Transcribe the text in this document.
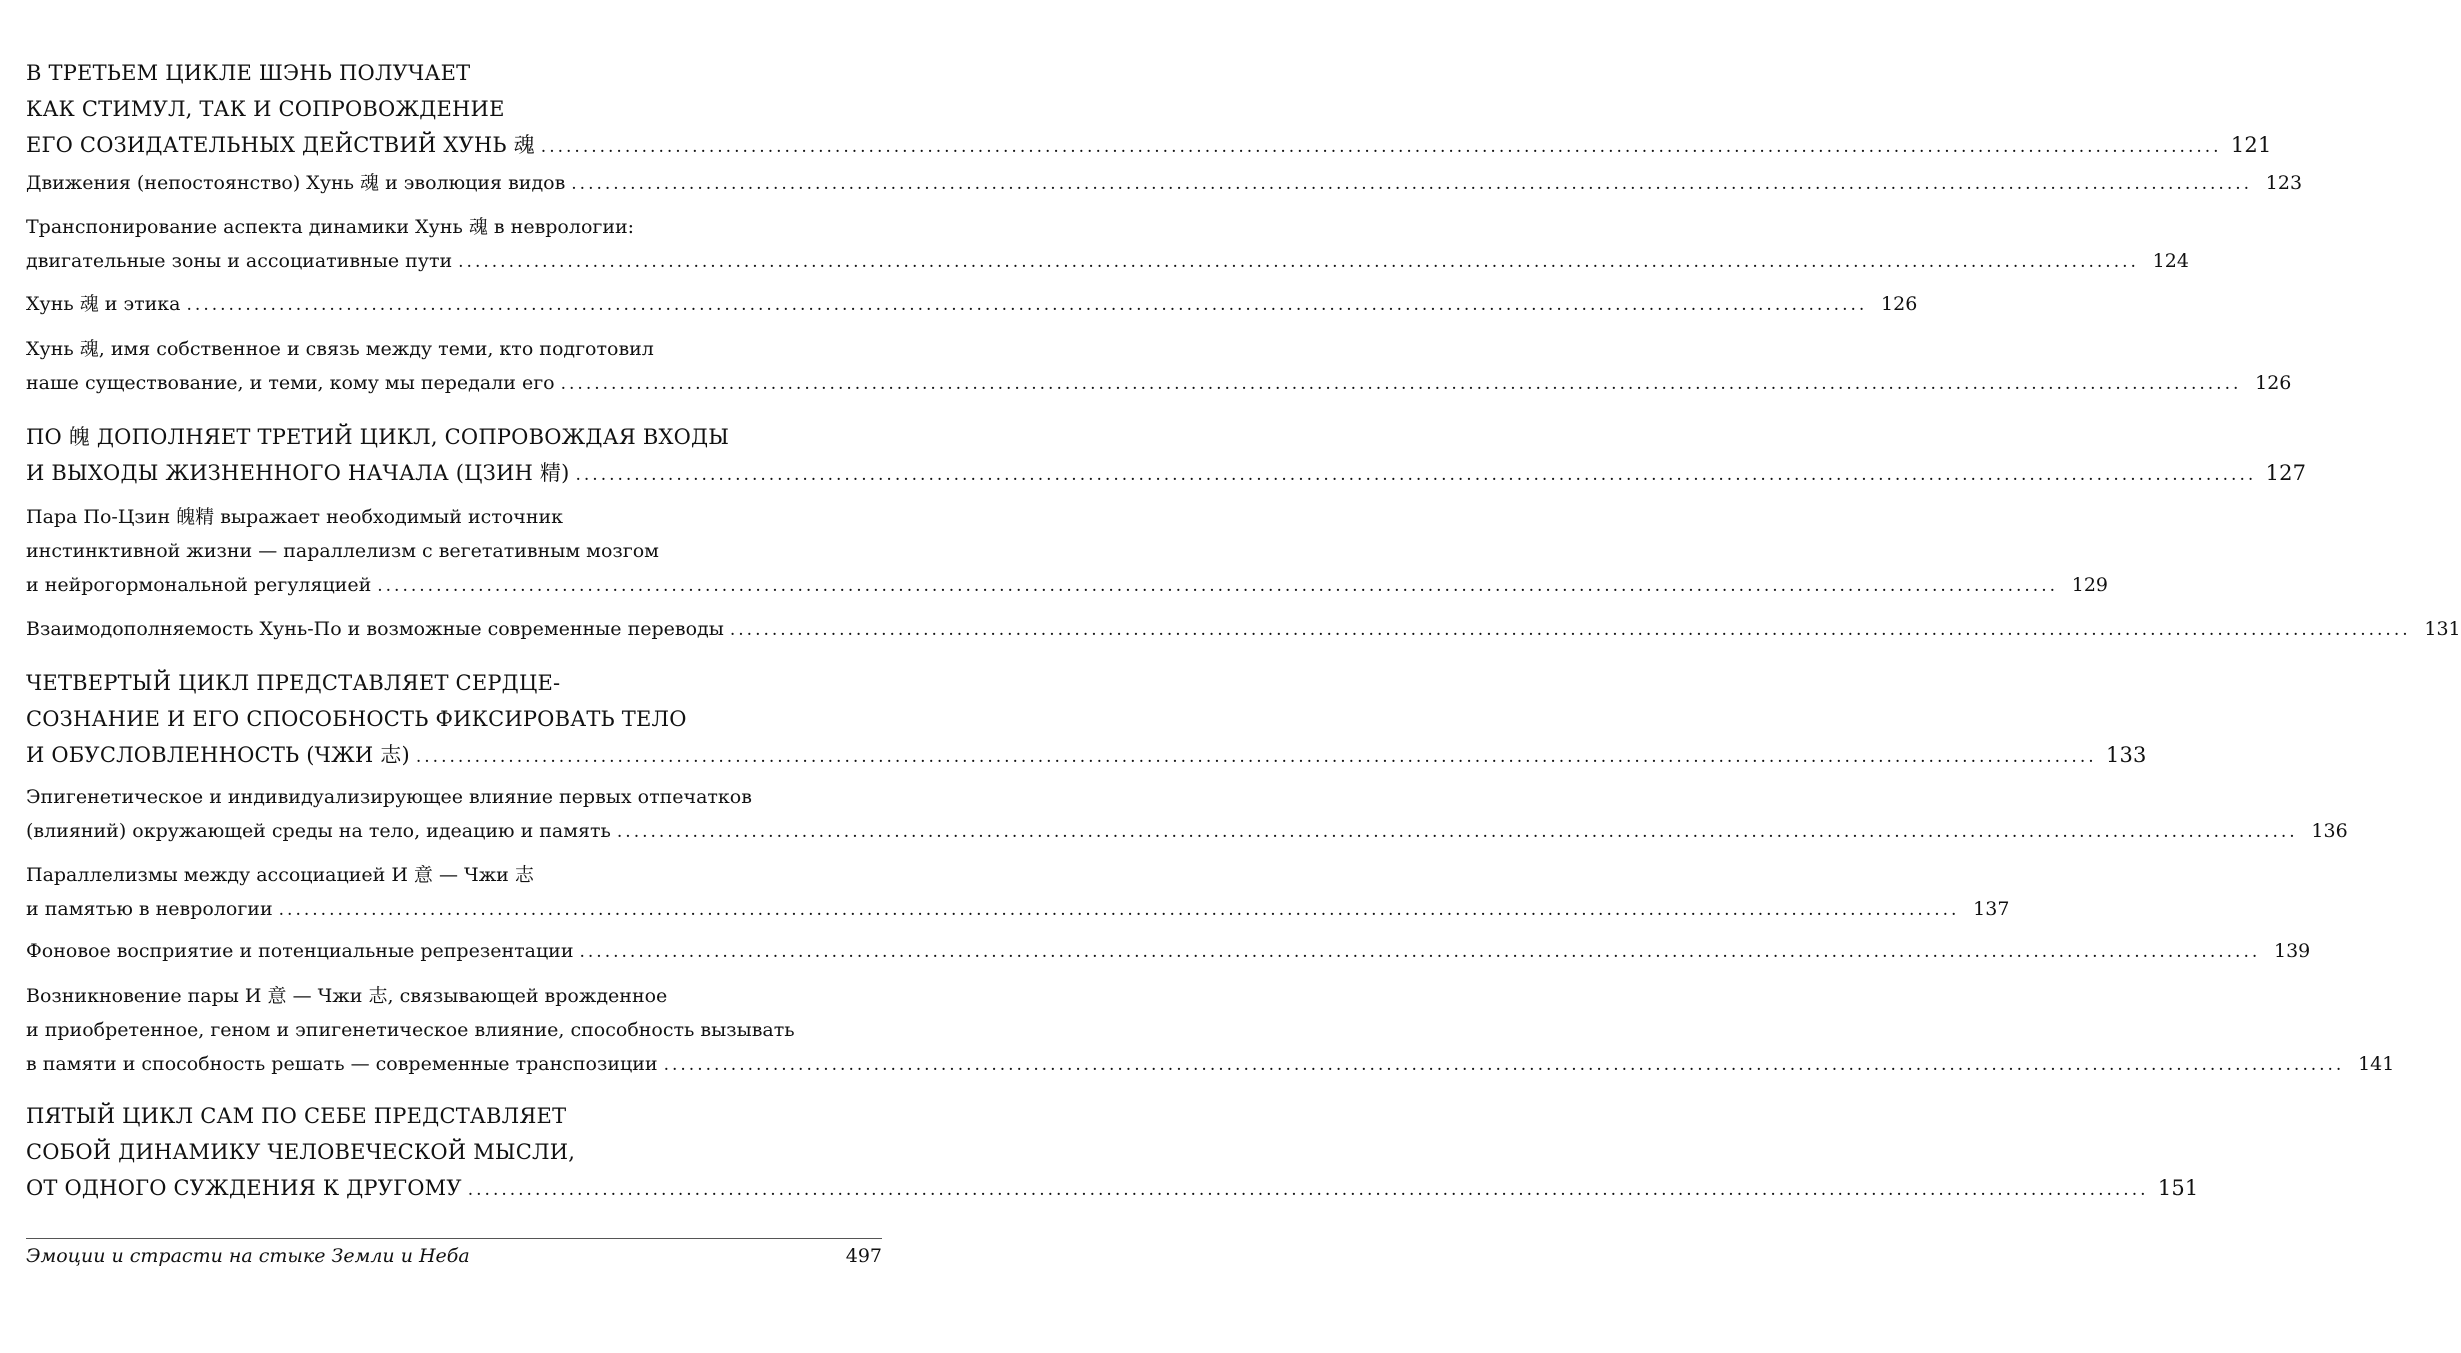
В ТРЕТЬЕМ ЦИКЛЕ ШЭНЬ ПОЛУЧАЕТ
КАК СТИМУЛ, ТАК И СОПРОВОЖДЕНИЕ
ЕГО СОЗИДАТЕЛЬНЫХ ДЕЙСТВИЙ ХУНЬ 魂 ........................................................................................................................................................................................................ 121
Движения (непостоянство) Хунь 魂 и эволюция видов ........................................................................................................................................................................................................ 123
Транспонирование аспекта динамики Хунь 魂 в неврологии:
двигательные зоны и ассоциативные пути ........................................................................................................................................................................................................ 124
Хунь 魂 и этика ........................................................................................................................................................................................................ 126
Хунь 魂, имя собственное и связь между теми, кто подготовил
наше существование, и теми, кому мы передали его ........................................................................................................................................................................................................ 126
ПО 魄 ДОПОЛНЯЕТ ТРЕТИЙ ЦИКЛ, СОПРОВОЖДАЯ ВХОДЫ
И ВЫХОДЫ ЖИЗНЕННОГО НАЧАЛА (ЦЗИН 精) ........................................................................................................................................................................................................ 127
Пара По-Цзин 魄精 выражает необходимый источник
инстинктивной жизни — параллелизм с вегетативным мозгом
и нейрогормональной регуляцией ........................................................................................................................................................................................................ 129
Взаимодополняемость Хунь-По и возможные современные переводы ........................................................................................................................................................................................................ 131
ЧЕТВЕРТЫЙ ЦИКЛ ПРЕДСТАВЛЯЕТ СЕРДЦЕ-
СОЗНАНИЕ И ЕГО СПОСОБНОСТЬ ФИКСИРОВАТЬ ТЕЛО
И ОБУСЛОВЛЕННОСТЬ (ЧЖИ 志) ........................................................................................................................................................................................................ 133
Эпигенетическое и индивидуализирующее влияние первых отпечатков
(влияний) окружающей среды на тело, идеацию и память ........................................................................................................................................................................................................ 136
Параллелизмы между ассоциацией И 意 — Чжи 志
и памятью в неврологии ........................................................................................................................................................................................................ 137
Фоновое восприятие и потенциальные репрезентации ........................................................................................................................................................................................................ 139
Возникновение пары И 意 — Чжи 志, связывающей врожденное
и приобретенное, геном и эпигенетическое влияние, способность вызывать
в памяти и способность решать — современные транспозиции ........................................................................................................................................................................................................ 141
ПЯТЫЙ ЦИКЛ САМ ПО СЕБЕ ПРЕДСТАВЛЯЕТ
СОБОЙ ДИНАМИКУ ЧЕЛОВЕЧЕСКОЙ МЫСЛИ,
ОТ ОДНОГО СУЖДЕНИЯ К ДРУГОМУ ........................................................................................................................................................................................................ 151
Эмоции и страсти на стыке Земли и Неба	497
